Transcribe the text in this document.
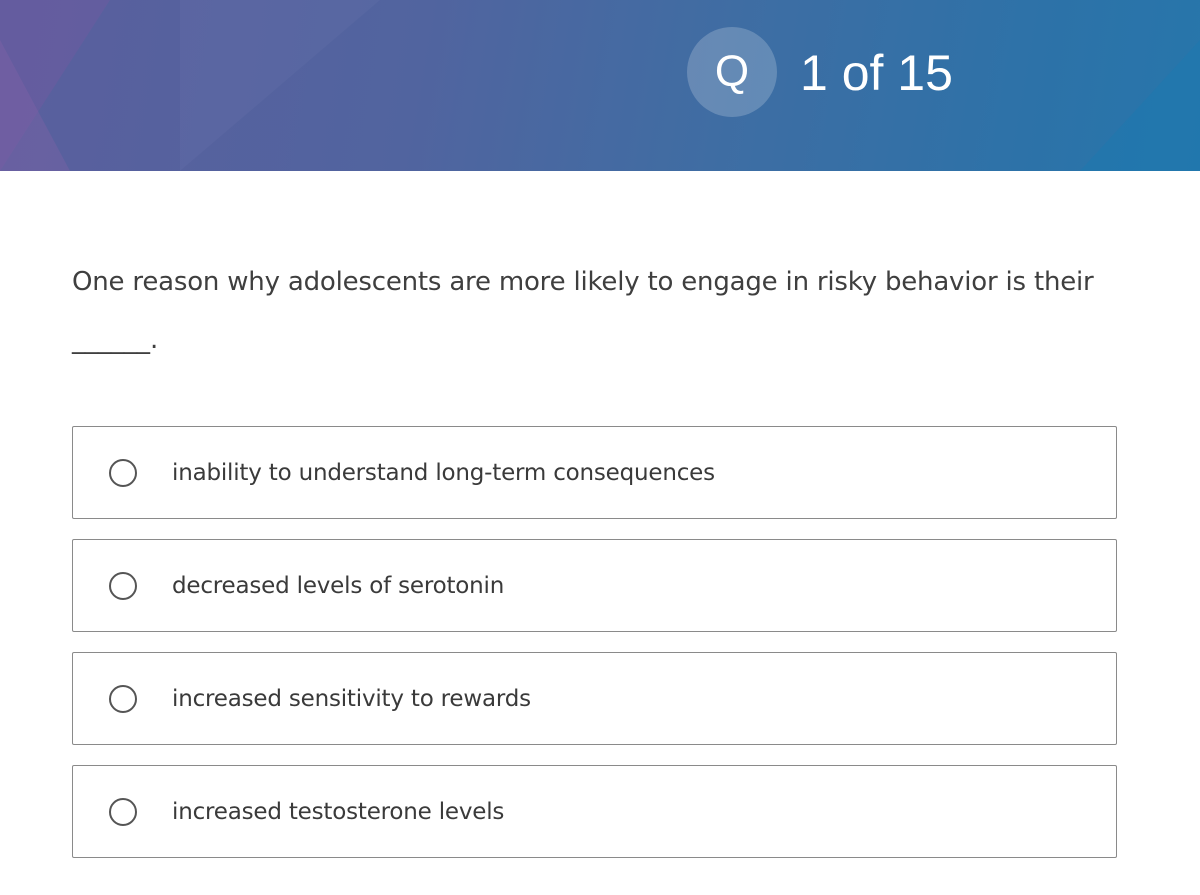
Q 1 of 15
One reason why adolescents are more likely to engage in risky behavior is their
______.
inability to understand long-term consequences
decreased levels of serotonin
increased sensitivity to rewards
increased testosterone levels
